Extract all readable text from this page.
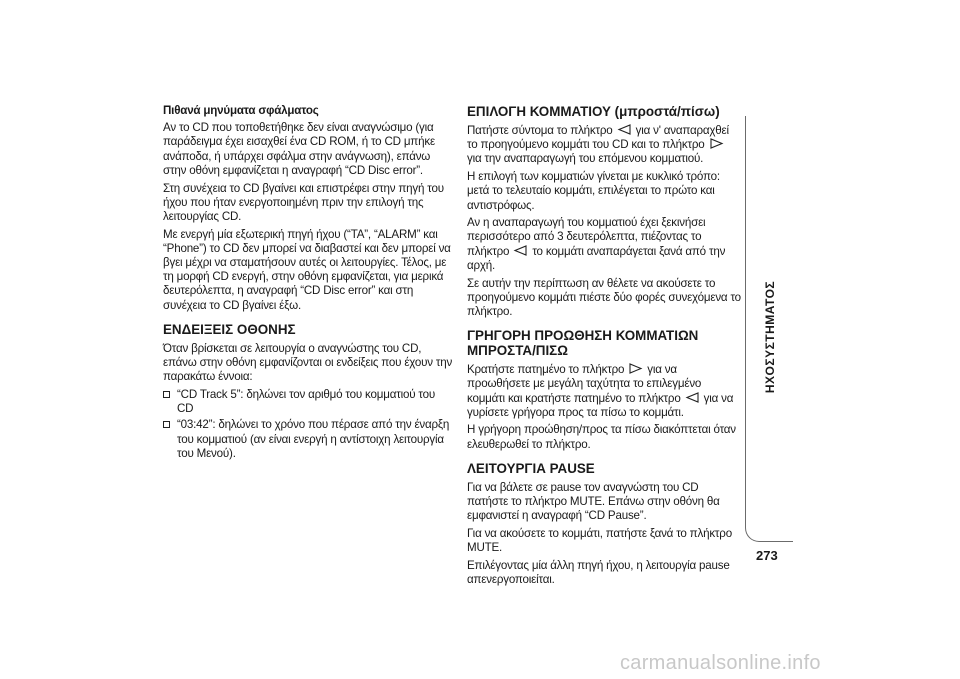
Πιθανά μηνύματα σφάλματος

Αν το CD που τοποθετήθηκε δεν είναι αναγνώσιμο (για παράδειγμα έχει εισαχθεί ένα CD ROM, ή το CD μπήκε ανάποδα, ή υπάρχει σφάλμα στην ανάγνωση), επάνω στην οθόνη εμφανίζεται η αναγραφή “CD Disc error”.

Στη συνέχεια το CD βγαίνει και επιστρέφει στην πηγή του ήχου που ήταν ενεργοποιημένη πριν την επιλογή της λειτουργίας CD.

Με ενεργή μία εξωτερική πηγή ήχου (“TA”, “ALARM” και “Phone”) το CD δεν μπορεί να διαβαστεί και δεν μπορεί να βγει μέχρι να σταματήσουν αυτές οι λειτουργίες. Τέλος, με τη μορφή CD ενεργή, στην οθόνη εμφανίζεται, για μερικά δευτερόλεπτα, η αναγραφή “CD Disc error” και στη συνέχεια το CD βγαίνει έξω.

ΕΝΔΕΙΞΕΙΣ ΟΘΟΝΗΣ

Όταν βρίσκεται σε λειτουργία ο αναγνώστης του CD, επάνω στην οθόνη εμφανίζονται οι ενδείξεις που έχουν την παρακάτω έννοια:

“CD Track 5”: δηλώνει τον αριθμό του κομματιού του CD
“03:42”: δηλώνει το χρόνο που πέρασε από την έναρξη του κομματιού (αν είναι ενεργή η αντίστοιχη λειτουργία του Μενού).
ΕΠΙΛΟΓΗ ΚΟΜΜΑΤΙΟΥ (μπροστά/πίσω)

Πατήστε σύντομα το πλήκτρο για ν' αναπαραχθεί το προηγούμενο κομμάτι του CD και το πλήκτρο
για την αναπαραγωγή του επόμενου κομματιού.

Η επιλογή των κομματιών γίνεται με κυκλικό τρόπο: μετά το τελευταίο κομμάτι, επιλέγεται το πρώτο και αντιστρόφως.

Αν η αναπαραγωγή του κομματιού έχει ξεκινήσει περισσότερο από 3 δευτερόλεπτα, πιέζοντας το πλήκτρο το κομμάτι αναπαράγεται ξανά από την αρχή.

Σε αυτήν την περίπτωση αν θέλετε να ακούσετε το προηγούμενο κομμάτι πιέστε δύο φορές συνεχόμενα το πλήκτρο.

ΓΡΗΓΟΡΗ ΠΡΟΩΘΗΣΗ ΚΟΜΜΑΤΙΩΝ ΜΠΡΟΣΤΑ/ΠΙΣΩ

Κρατήστε πατημένο το πλήκτρο για να προωθήσετε με μεγάλη ταχύτητα το επιλεγμένο κομμάτι και κρατήστε πατημένο το πλήκτρο για να γυρίσετε γρήγορα προς τα πίσω το κομμάτι.

Η γρήγορη προώθηση/προς τα πίσω διακόπτεται όταν ελευθερωθεί το πλήκτρο.

ΛΕΙΤΟΥΡΓΙΑ PAUSE

Για να βάλετε σε pause τον αναγνώστη του CD πατήστε το πλήκτρο MUTE. Επάνω στην οθόνη θα εμφανιστεί η αναγραφή “CD Pause”.

Για να ακούσετε το κομμάτι, πατήστε ξανά το πλήκτρο MUTE.

Επιλέγοντας μία άλλη πηγή ήχου, η λειτουργία pause απενεργοποιείται.

ΗΧΟΣΥΣΤΗΜΑΤΟΣ
273
carmanualsonline.info
